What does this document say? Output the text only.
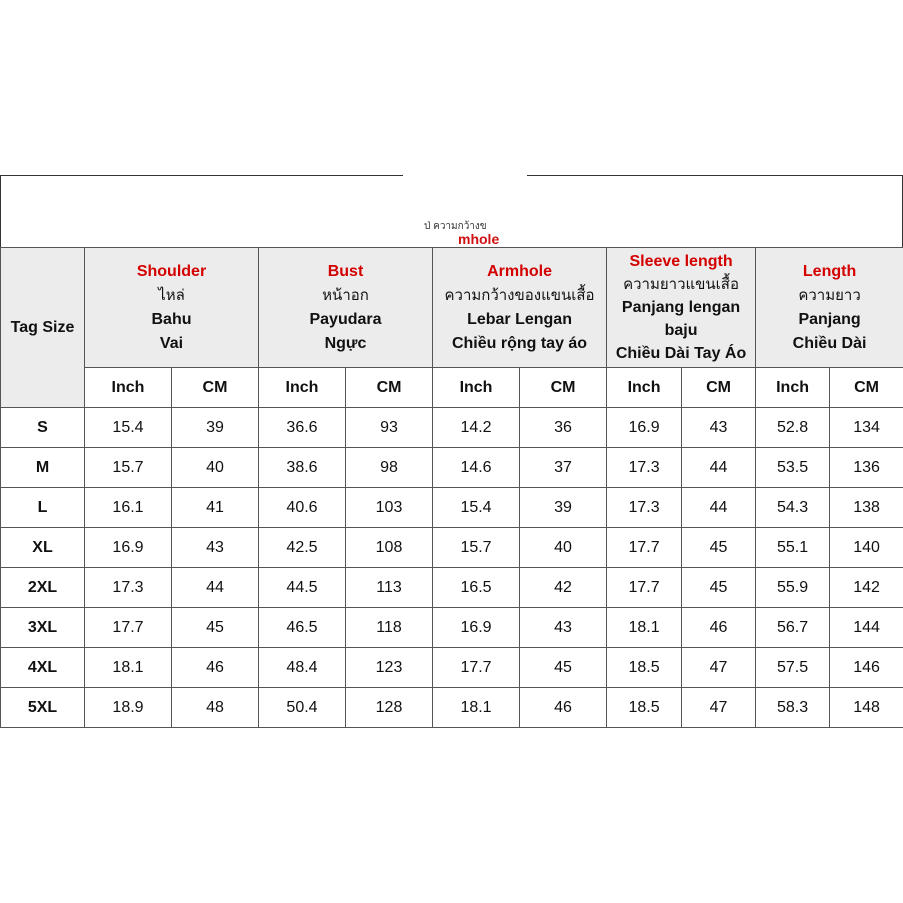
ป่ ความกว้างข
mhole
Tag Size	Shoulder
ไหล่
Bahu
Vai		Bust
หน้าอก
Payudara
Ngực		Armhole
ความกว้างของแขนเสื้อ
Lebar Lengan
Chiều rộng tay áo		Sleeve length
ความยาวแขนเสื้อ
Panjang lengan
baju
Chiều Dài Tay Áo		Length
ความยาว
Panjang
Chiều Dài	

	Inch	CM	Inch	CM	Inch	CM	Inch	CM	Inch	CM
S	15.4	39	36.6	93	14.2	36	16.9	43	52.8	134
M	15.7	40	38.6	98	14.6	37	17.3	44	53.5	136
L	16.1	41	40.6	103	15.4	39	17.3	44	54.3	138
XL	16.9	43	42.5	108	15.7	40	17.7	45	55.1	140
2XL	17.3	44	44.5	113	16.5	42	17.7	45	55.9	142
3XL	17.7	45	46.5	118	16.9	43	18.1	46	56.7	144
4XL	18.1	46	48.4	123	17.7	45	18.5	47	57.5	146
5XL	18.9	48	50.4	128	18.1	46	18.5	47	58.3	148
